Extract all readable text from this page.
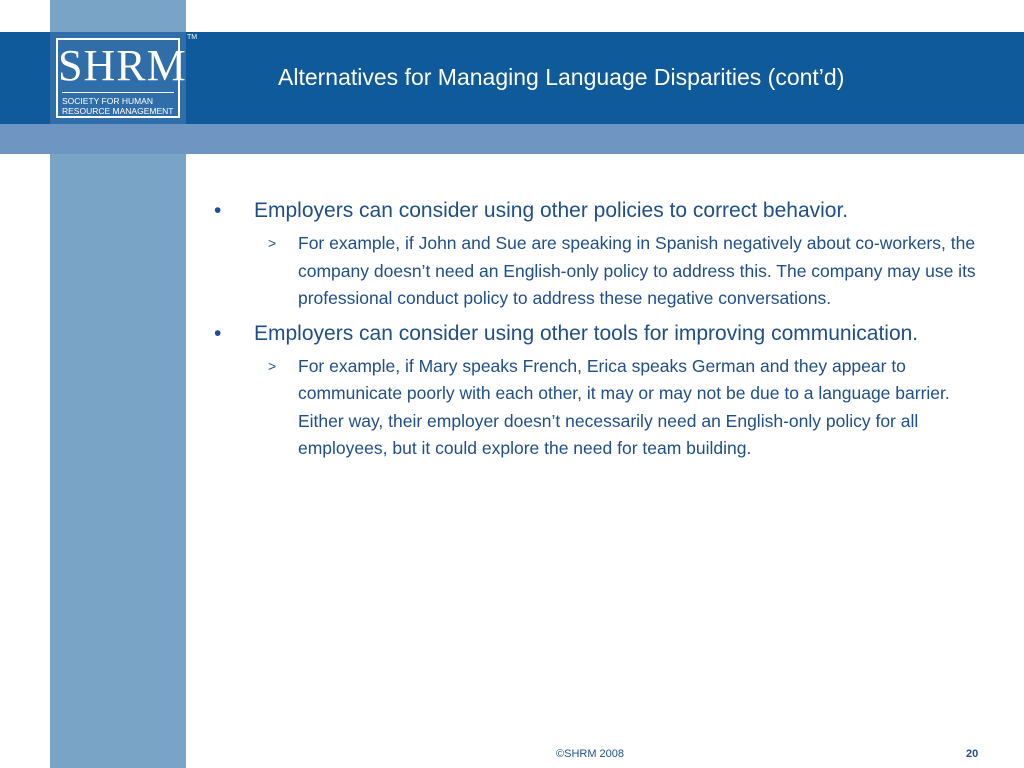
SHRM
SOCIETY FOR HUMAN
RESOURCE MANAGEMENT
TM
Alternatives for Managing Language Disparities (cont’d)
•	Employers can consider using other policies to correct behavior.
> For example, if John and Sue are speaking in Spanish negatively about co-workers, the company doesn’t need an English-only policy to address this. The company may use its professional conduct policy to address these negative conversations.
•	Employers can consider using other tools for improving communication.
> For example, if Mary speaks French, Erica speaks German and they appear to communicate poorly with each other, it may or may not be due to a language barrier. Either way, their employer doesn’t necessarily need an English-only policy for all employees, but it could explore the need for team building.
©SHRM 2008	20
